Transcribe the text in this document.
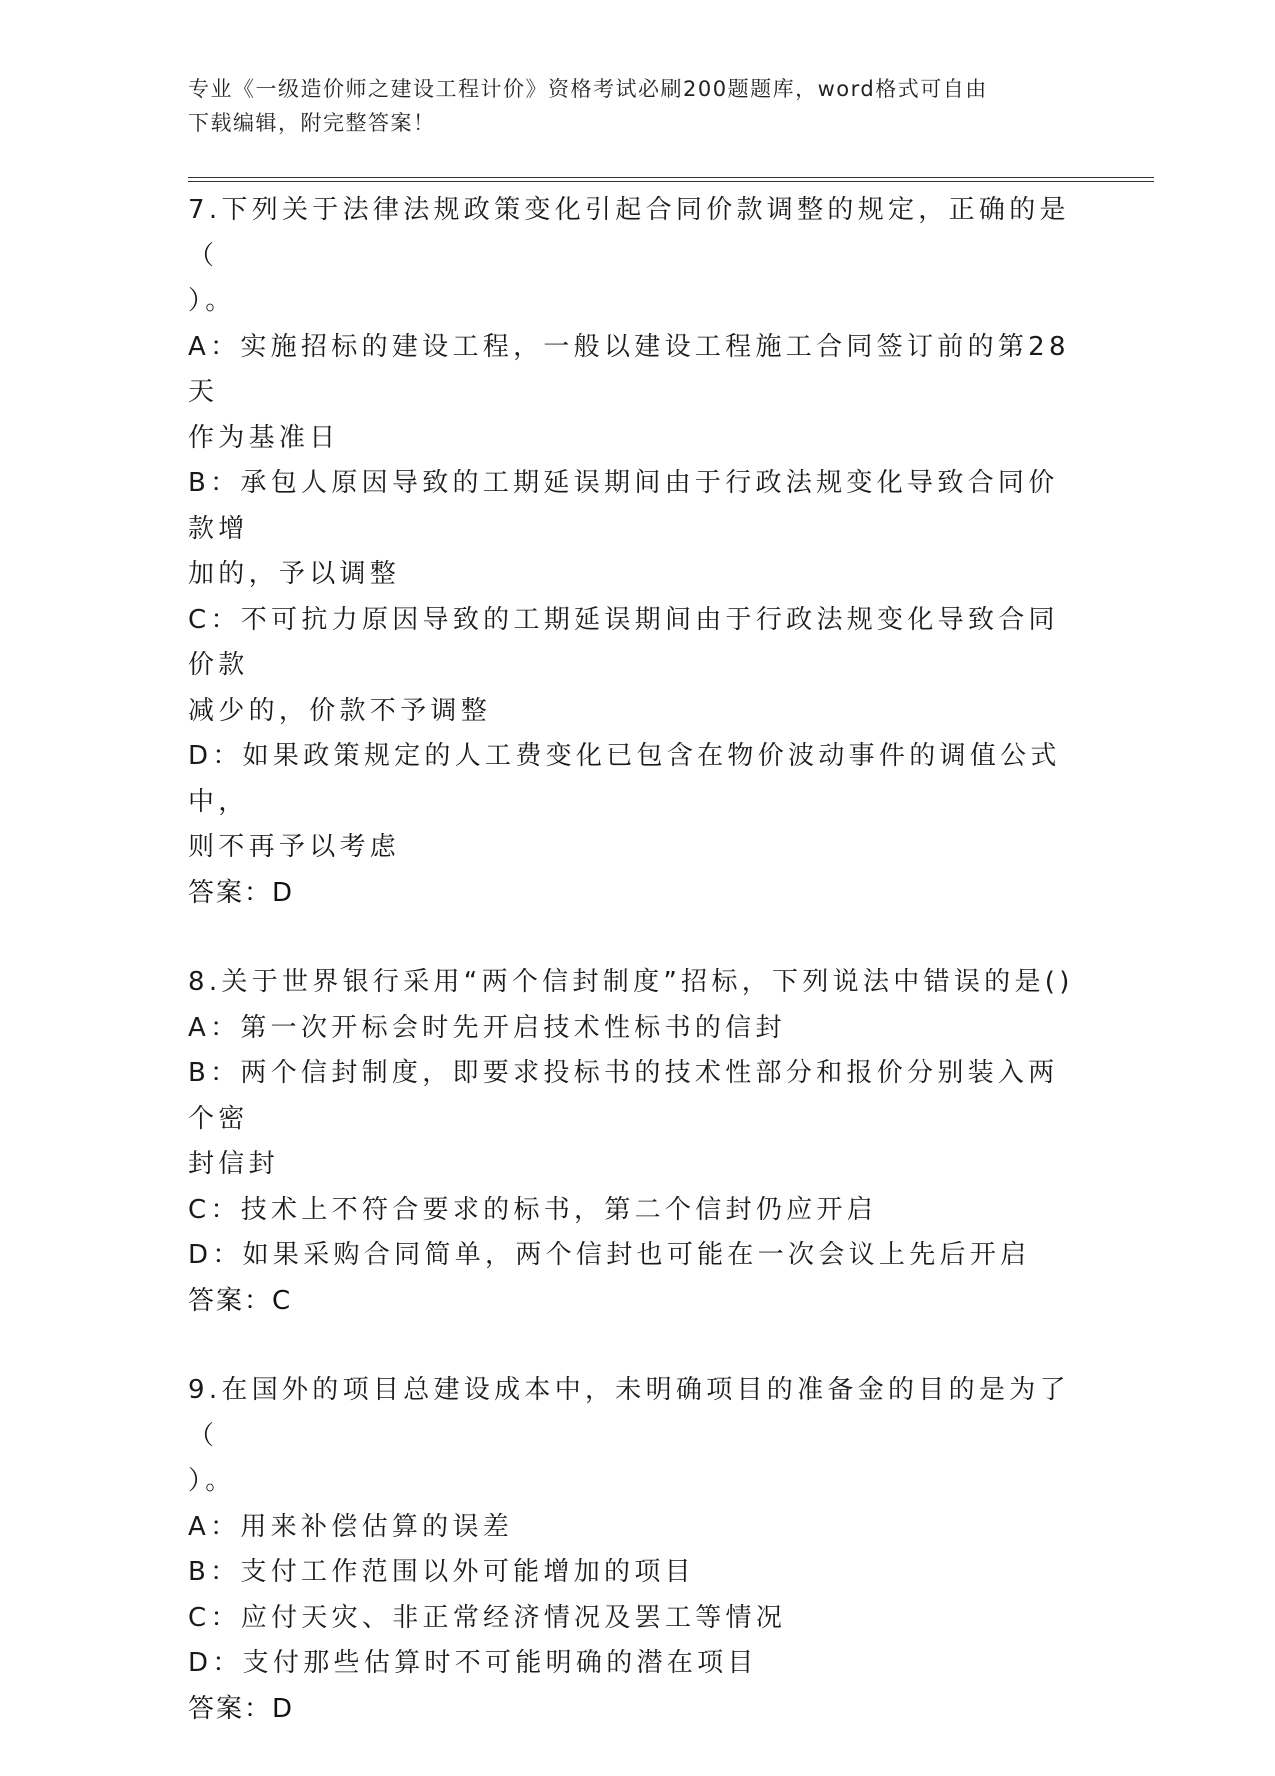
专业《一级造价师之建设工程计价》资格考试必刷200题题库，word格式可自由
下载编辑，附完整答案！

7.下列关于法律法规政策变化引起合同价款调整的规定，正确的是（

）。

A：实施招标的建设工程，一般以建设工程施工合同签订前的第28天

作为基准日

B：承包人原因导致的工期延误期间由于行政法规变化导致合同价款增

加的，予以调整

C：不可抗力原因导致的工期延误期间由于行政法规变化导致合同价款

减少的，价款不予调整

D：如果政策规定的人工费变化已包含在物价波动事件的调值公式中，

则不再予以考虑

答案：D

8.关于世界银行采用“两个信封制度”招标，下列说法中错误的是()

A：第一次开标会时先开启技术性标书的信封

B：两个信封制度，即要求投标书的技术性部分和报价分别装入两个密

封信封

C：技术上不符合要求的标书，第二个信封仍应开启

D：如果采购合同简单，两个信封也可能在一次会议上先后开启

答案：C

9.在国外的项目总建设成本中，未明确项目的准备金的目的是为了（

）。

A：用来补偿估算的误差

B：支付工作范围以外可能增加的项目

C：应付天灾、非正常经济情况及罢工等情况

D：支付那些估算时不可能明确的潜在项目

答案：D
